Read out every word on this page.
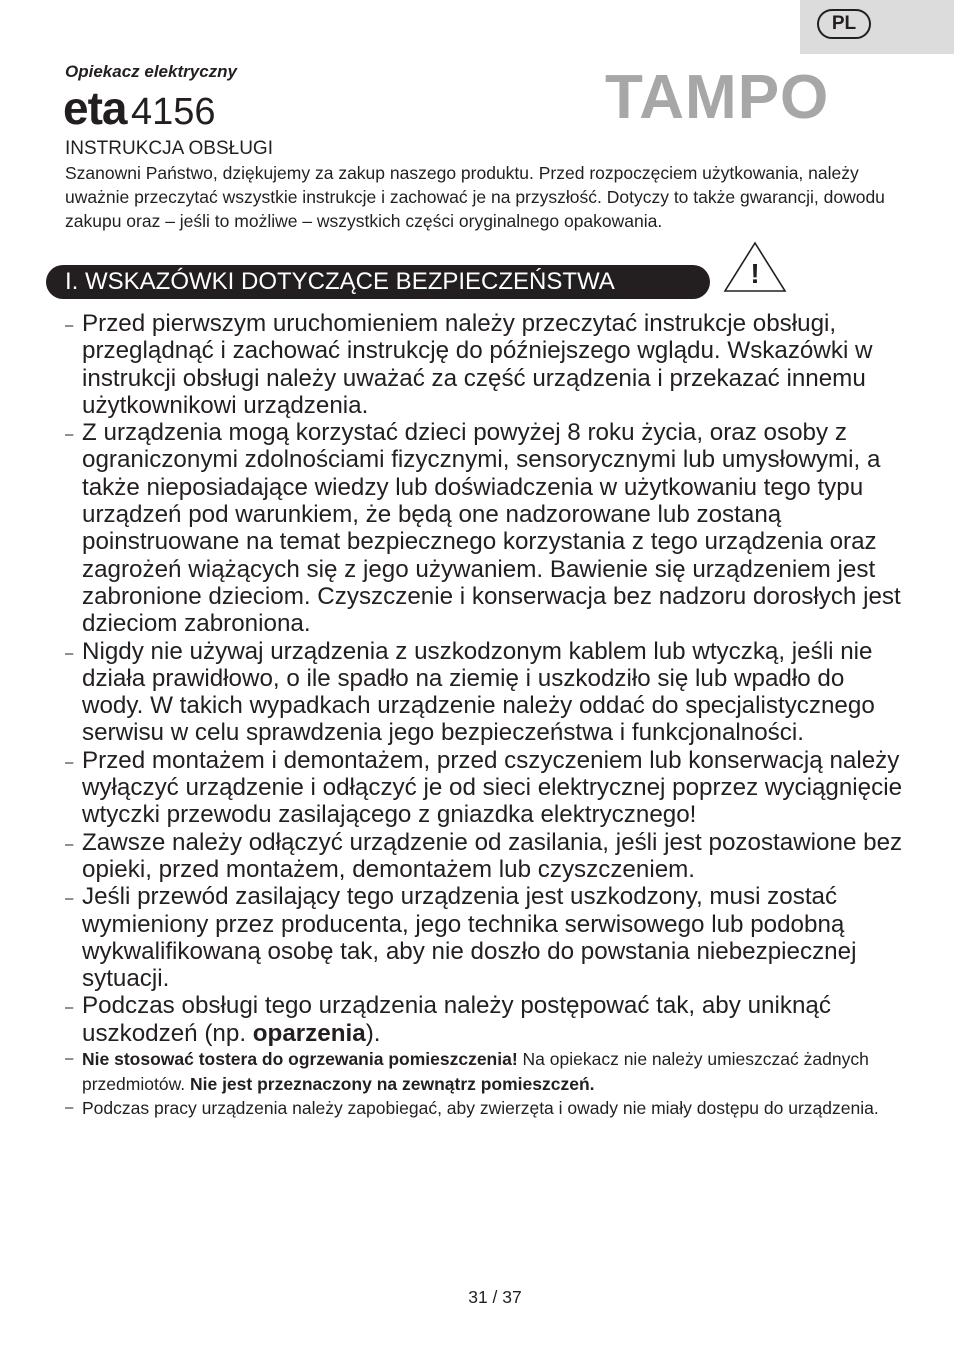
PL
Opiekacz elektryczny
eta 4156	TAMPO
INSTRUKCJA OBSŁUGI

Szanowni Państwo, dziękujemy za zakup naszego produktu. Przed rozpoczęciem użytkowania, należy uważnie przeczytać wszystkie instrukcje i zachować je na przyszłość. Dotyczy to także gwarancji, dowodu zakupu oraz – jeśli to możliwe – wszystkich części oryginalnego opakowania.

I. WSKAZÓWKI DOTYCZĄCE BEZPIECZEŃSTWA	!
– Przed pierwszym uruchomieniem należy przeczytać instrukcje obsługi, przeglądnąć i zachować instrukcję do późniejszego wglądu. Wskazówki w instrukcji obsługi należy uważać za część urządzenia i przekazać innemu użytkownikowi urządzenia.
– Z urządzenia mogą korzystać dzieci powyżej 8 roku życia, oraz osoby z ograniczonymi zdolnościami fizycznymi, sensorycznymi lub umysłowymi, a także nieposiadające wiedzy lub doświadczenia w użytkowaniu tego typu urządzeń pod warunkiem, że będą one nadzorowane lub zostaną poinstruowane na temat bezpiecznego korzystania z tego urządzenia oraz zagrożeń wiążących się z jego używaniem. Bawienie się urządzeniem jest zabronione dzieciom. Czyszczenie i konserwacja bez nadzoru dorosłych jest dzieciom zabroniona.
– Nigdy nie używaj urządzenia z uszkodzonym kablem lub wtyczką, jeśli nie działa prawidłowo, o ile spadło na ziemię i uszkodziło się lub wpadło do wody. W takich wypadkach urządzenie należy oddać do specjalistycznego serwisu w celu sprawdzenia jego bezpieczeństwa i funkcjonalności.
– Przed montażem i demontażem, przed cszyczeniem lub konserwacją należy wyłączyć urządzenie i odłączyć je od sieci elektrycznej poprzez wyciągnięcie wtyczki przewodu zasilającego z gniazdka elektrycznego!
– Zawsze należy odłączyć urządzenie od zasilania, jeśli jest pozostawione bez opieki, przed montażem, demontażem lub czyszczeniem.
– Jeśli przewód zasilający tego urządzenia jest uszkodzony, musi zostać wymieniony przez producenta, jego technika serwisowego lub podobną wykwalifikowaną osobę tak, aby nie doszło do powstania niebezpiecznej sytuacji.
– Podczas obsługi tego urządzenia należy postępować tak, aby uniknąć uszkodzeń (np. oparzenia).
– Nie stosować tostera do ogrzewania pomieszczenia! Na opiekacz nie należy umieszczać żadnych przedmiotów. Nie jest przeznaczony na zewnątrz pomieszczeń.
– Podczas pracy urządzenia należy zapobiegać, aby zwierzęta i owady nie miały dostępu do urządzenia.
31 / 37
